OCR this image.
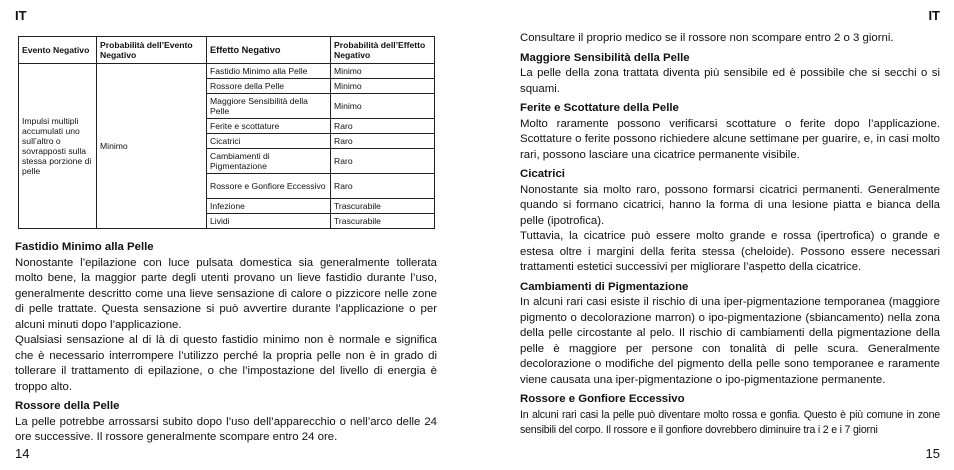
IT
Evento Negativo	Probabilità dell’Evento Negativo	Effetto Negativo	Probabilità dell’Effetto Negativo
Impulsi multipli accumulati uno sull’altro o sovrapposti sulla stessa porzione di pelle	Minimo	Fastidio Minimo alla Pelle	Minimo
		Rossore della Pelle	Minimo
		Maggiore Sensibilità della Pelle	Minimo
		Ferite e scottature	Raro
		Cicatrici	Raro
		Cambiamenti di Pigmentazione	Raro
		Rossore e Gonfiore Eccessivo	Raro
		Infezione	Trascurabile
		Lividi	Trascurabile
Fastidio Minimo alla Pelle

Nonostante l’epilazione con luce pulsata domestica sia generalmente tollerata molto bene, la maggior parte degli utenti provano un lieve fastidio durante l’uso, generalmente descritto come una lieve sensazione di calore o pizzicore nelle zone di pelle trattate. Questa sensazione si può avvertire durante l’applicazione o per alcuni minuti dopo l’applicazione.

Qualsiasi sensazione al di là di questo fastidio minimo non è normale e significa che è necessario interrompere l’utilizzo perché la propria pelle non è in grado di tollerare il trattamento di epilazione, o che l’impostazione del livello di energia è troppo alto.

Rossore della Pelle

La pelle potrebbe arrossarsi subito dopo l’uso dell’apparecchio o nell’arco delle 24 ore successive. Il rossore generalmente scompare entro 24 ore.

14
IT

Consultare il proprio medico se il rossore non scompare entro 2 o 3 giorni.

Maggiore Sensibilità della Pelle

La pelle della zona trattata diventa più sensibile ed è possibile che si secchi o si squami.

Ferite e Scottature della Pelle

Molto raramente possono verificarsi scottature o ferite dopo l’applicazione. Scottature o ferite possono richiedere alcune settimane per guarire, e, in casi molto rari, possono lasciare una cicatrice permanente visibile.

Cicatrici

Nonostante sia molto raro, possono formarsi cicatrici permanenti. Generalmente quando si formano cicatrici, hanno la forma di una lesione piatta e bianca della pelle (ipotrofica).

Tuttavia, la cicatrice può essere molto grande e rossa (ipertrofica) o grande e estesa oltre i margini della ferita stessa (cheloide). Possono essere necessari trattamenti estetici successivi per migliorare l’aspetto della cicatrice.

Cambiamenti di Pigmentazione

In alcuni rari casi esiste il rischio di una iper-pigmentazione temporanea (maggiore pigmento o decolorazione marron) o ipo-pigmentazione (sbiancamento) nella zona della pelle circostante al pelo. Il rischio di cambiamenti della pigmentazione della pelle è maggiore per persone con tonalità di pelle scura. Generalmente decolorazione o modifiche del pigmento della pelle sono temporanee e raramente viene causata una iper-pigmentazione o ipo-pigmentazione permanente.

Rossore e Gonfiore Eccessivo

In alcuni rari casi la pelle può diventare molto rossa e gonfia. Questo è più comune in zone sensibili del corpo. Il rossore e il gonfiore dovrebbero diminuire tra i 2 e i 7 giorni

15
